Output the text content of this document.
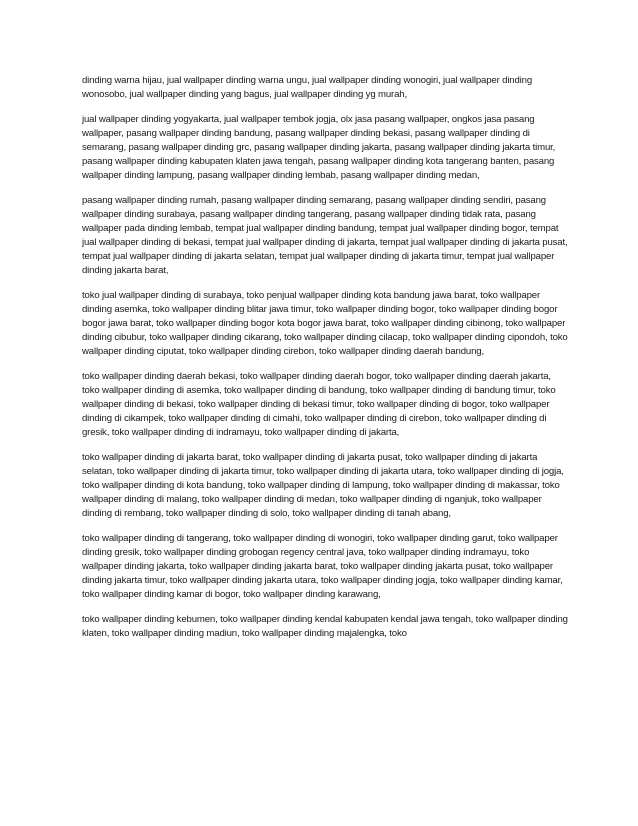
dinding warna hijau, jual wallpaper dinding warna ungu, jual wallpaper dinding wonogiri, jual wallpaper dinding wonosobo, jual wallpaper dinding yang bagus, jual wallpaper dinding yg murah,

jual wallpaper dinding yogyakarta, jual wallpaper tembok jogja, olx jasa pasang wallpaper, ongkos jasa pasang wallpaper, pasang wallpaper dinding bandung, pasang wallpaper dinding bekasi, pasang wallpaper dinding di semarang, pasang wallpaper dinding grc, pasang wallpaper dinding jakarta, pasang wallpaper dinding jakarta timur, pasang wallpaper dinding kabupaten klaten jawa tengah, pasang wallpaper dinding kota tangerang banten, pasang wallpaper dinding lampung, pasang wallpaper dinding lembab, pasang wallpaper dinding medan,

pasang wallpaper dinding rumah, pasang wallpaper dinding semarang, pasang wallpaper dinding sendiri, pasang wallpaper dinding surabaya, pasang wallpaper dinding tangerang, pasang wallpaper dinding tidak rata, pasang wallpaper pada dinding lembab, tempat jual wallpaper dinding bandung, tempat jual wallpaper dinding bogor, tempat jual wallpaper dinding di bekasi, tempat jual wallpaper dinding di jakarta, tempat jual wallpaper dinding di jakarta pusat, tempat jual wallpaper dinding di jakarta selatan, tempat jual wallpaper dinding di jakarta timur, tempat jual wallpaper dinding jakarta barat,

toko jual wallpaper dinding di surabaya, toko penjual wallpaper dinding kota bandung jawa barat, toko wallpaper dinding asemka, toko wallpaper dinding blitar jawa timur, toko wallpaper dinding bogor, toko wallpaper dinding bogor bogor jawa barat, toko wallpaper dinding bogor kota bogor jawa barat, toko wallpaper dinding cibinong, toko wallpaper dinding cibubur, toko wallpaper dinding cikarang, toko wallpaper dinding cilacap, toko wallpaper dinding cipondoh, toko wallpaper dinding ciputat, toko wallpaper dinding cirebon, toko wallpaper dinding daerah bandung,

toko wallpaper dinding daerah bekasi, toko wallpaper dinding daerah bogor, toko wallpaper dinding daerah jakarta, toko wallpaper dinding di asemka, toko wallpaper dinding di bandung, toko wallpaper dinding di bandung timur, toko wallpaper dinding di bekasi, toko wallpaper dinding di bekasi timur, toko wallpaper dinding di bogor, toko wallpaper dinding di cikampek, toko wallpaper dinding di cimahi, toko wallpaper dinding di cirebon, toko wallpaper dinding di gresik, toko wallpaper dinding di indramayu, toko wallpaper dinding di jakarta,

toko wallpaper dinding di jakarta barat, toko wallpaper dinding di jakarta pusat, toko wallpaper dinding di jakarta selatan, toko wallpaper dinding di jakarta timur, toko wallpaper dinding di jakarta utara, toko wallpaper dinding di jogja, toko wallpaper dinding di kota bandung, toko wallpaper dinding di lampung, toko wallpaper dinding di makassar, toko wallpaper dinding di malang, toko wallpaper dinding di medan, toko wallpaper dinding di nganjuk, toko wallpaper dinding di rembang, toko wallpaper dinding di solo, toko wallpaper dinding di tanah abang,

toko wallpaper dinding di tangerang, toko wallpaper dinding di wonogiri, toko wallpaper dinding garut, toko wallpaper dinding gresik, toko wallpaper dinding grobogan regency central java, toko wallpaper dinding indramayu, toko wallpaper dinding jakarta, toko wallpaper dinding jakarta barat, toko wallpaper dinding jakarta pusat, toko wallpaper dinding jakarta timur, toko wallpaper dinding jakarta utara, toko wallpaper dinding jogja, toko wallpaper dinding kamar, toko wallpaper dinding kamar di bogor, toko wallpaper dinding karawang,

toko wallpaper dinding kebumen, toko wallpaper dinding kendal kabupaten kendal jawa tengah, toko wallpaper dinding klaten, toko wallpaper dinding madiun, toko wallpaper dinding majalengka, toko
